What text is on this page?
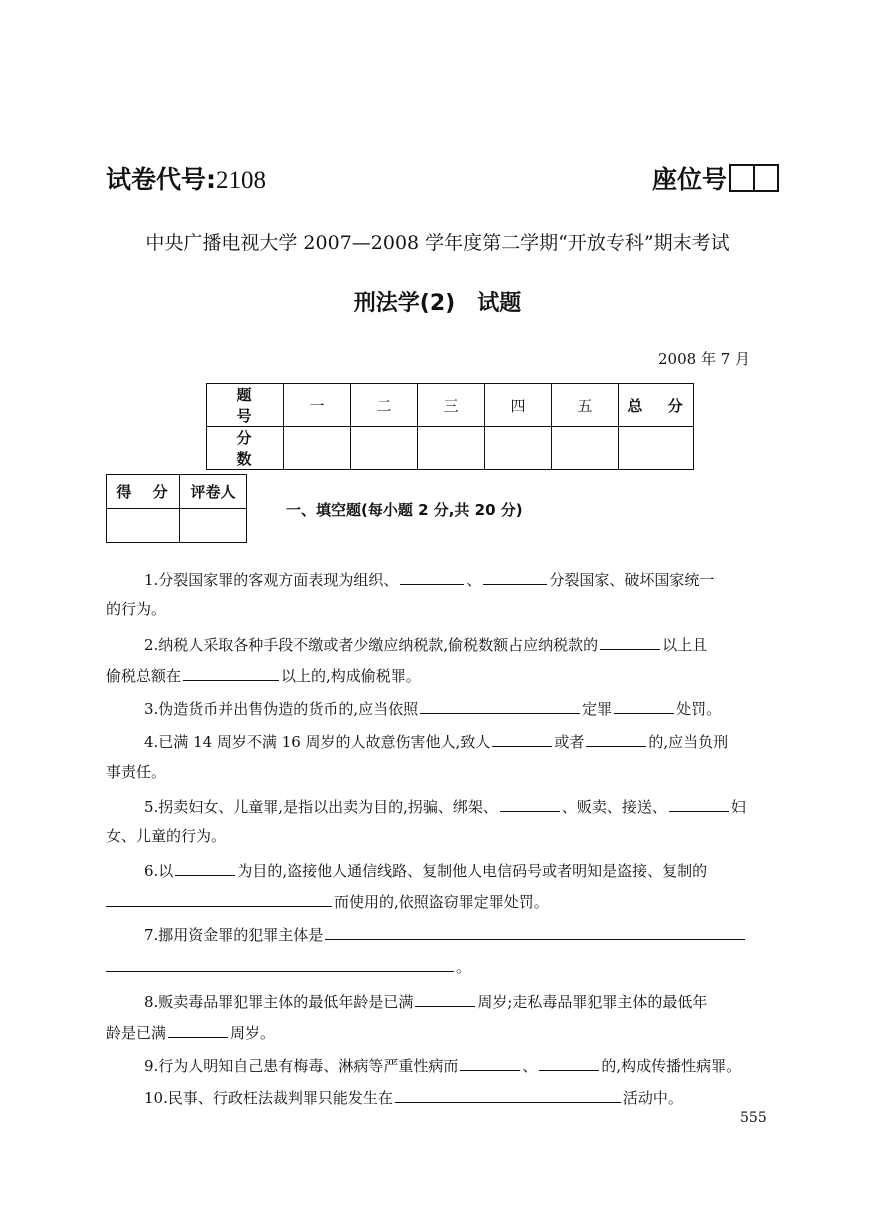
试卷代号:2108	座位号
中央广播电视大学 2007—2008 学年度第二学期“开放专科”期末考试
刑法学(2)　试题
2008 年 7 月
题 号	一	二	三	四	五	总 分
分 数						
得 分	评卷人

一、填空题(每小题 2 分,共 20 分)
1.分裂国家罪的客观方面表现为组织、	、	分裂国家、破坏国家统一
的行为。
2.纳税人采取各种手段不缴或者少缴应纳税款,偷税数额占应纳税款的	以上且
偷税总额在	以上的,构成偷税罪。
3.伪造货币并出售伪造的货币的,应当依照	定罪	处罚。
4.已满 14 周岁不满 16 周岁的人故意伤害他人,致人	或者	的,应当负刑
事责任。
5.拐卖妇女、儿童罪,是指以出卖为目的,拐骗、绑架、	、贩卖、接送、	妇
女、儿童的行为。
6.以	为目的,盗接他人通信线路、复制他人电信码号或者明知是盗接、复制的
而使用的,依照盗窃罪定罪处罚。
7.挪用资金罪的犯罪主体是
。
8.贩卖毒品罪犯罪主体的最低年龄是已满	周岁;走私毒品罪犯罪主体的最低年
龄是已满	周岁。
9.行为人明知自己患有梅毒、淋病等严重性病而	、	的,构成传播性病罪。
10.民事、行政枉法裁判罪只能发生在	活动中。
555
